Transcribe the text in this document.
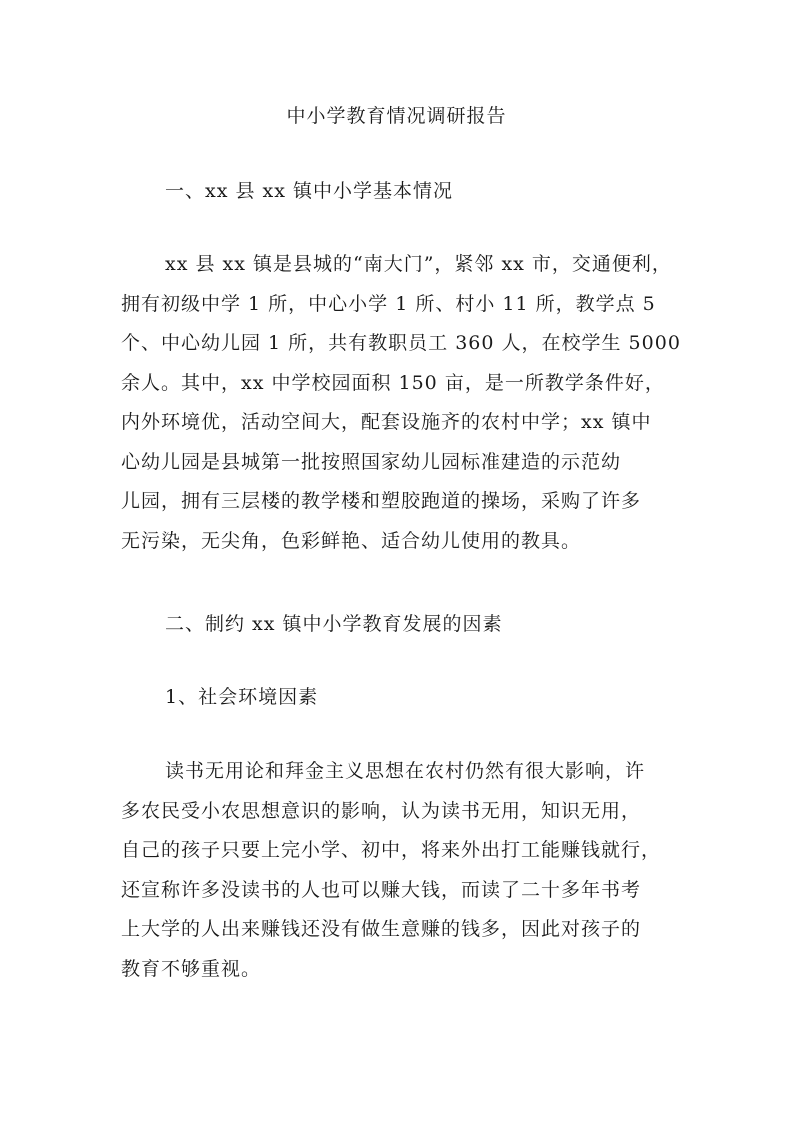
中小学教育情况调研报告
一、xx 县 xx 镇中小学基本情况
xx 县 xx 镇是县城的“南大门”，紧邻 xx 市，交通便利，
拥有初级中学 1 所，中心小学 1 所、村小 11 所，教学点 5
个、中心幼儿园 1 所，共有教职员工 360 人，在校学生 5000
余人。其中，xx 中学校园面积 150 亩，是一所教学条件好，
内外环境优，活动空间大，配套设施齐的农村中学；xx 镇中
心幼儿园是县城第一批按照国家幼儿园标准建造的示范幼
儿园，拥有三层楼的教学楼和塑胶跑道的操场，采购了许多
无污染，无尖角，色彩鲜艳、适合幼儿使用的教具。
二、制约 xx 镇中小学教育发展的因素
1、社会环境因素
读书无用论和拜金主义思想在农村仍然有很大影响，许
多农民受小农思想意识的影响，认为读书无用，知识无用，
自己的孩子只要上完小学、初中，将来外出打工能赚钱就行，
还宣称许多没读书的人也可以赚大钱，而读了二十多年书考
上大学的人出来赚钱还没有做生意赚的钱多，因此对孩子的
教育不够重视。
